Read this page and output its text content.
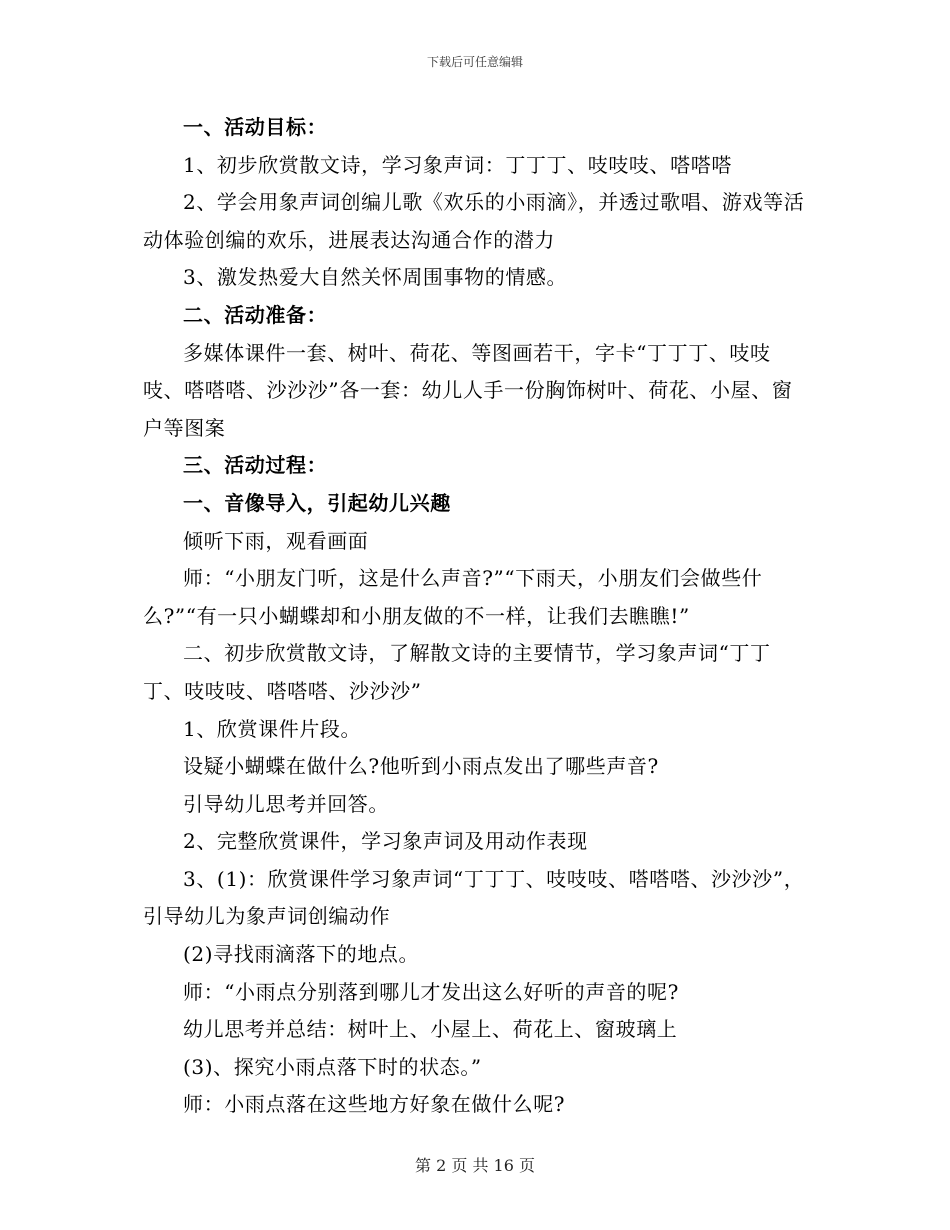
下载后可任意编辑

一、活动目标：

1、初步欣赏散文诗，学习象声词：丁丁丁、吱吱吱、嗒嗒嗒

2、学会用象声词创编儿歌《欢乐的小雨滴》，并透过歌唱、游戏等活动体验创编的欢乐，进展表达沟通合作的潜力

3、激发热爱大自然关怀周围事物的情感。

二、活动准备：

多媒体课件一套、树叶、荷花、等图画若干，字卡“丁丁丁、吱吱吱、嗒嗒嗒、沙沙沙”各一套：幼儿人手一份胸饰树叶、荷花、小屋、窗户等图案

三、活动过程：

一、音像导入，引起幼儿兴趣

倾听下雨，观看画面

师：“小朋友门听，这是什么声音?”“下雨天，小朋友们会做些什么?”“有一只小蝴蝶却和小朋友做的不一样，让我们去瞧瞧!”

二、初步欣赏散文诗，了解散文诗的主要情节，学习象声词“丁丁丁、吱吱吱、嗒嗒嗒、沙沙沙”

1、欣赏课件片段。

设疑小蝴蝶在做什么?他听到小雨点发出了哪些声音?

引导幼儿思考并回答。

2、完整欣赏课件，学习象声词及用动作表现

3、(1)：欣赏课件学习象声词“丁丁丁、吱吱吱、嗒嗒嗒、沙沙沙”，引导幼儿为象声词创编动作

(2)寻找雨滴落下的地点。

师：“小雨点分别落到哪儿才发出这么好听的声音的呢?

幼儿思考并总结：树叶上、小屋上、荷花上、窗玻璃上

(3)、探究小雨点落下时的状态。”

师：小雨点落在这些地方好象在做什么呢?

第 2 页 共 16 页
